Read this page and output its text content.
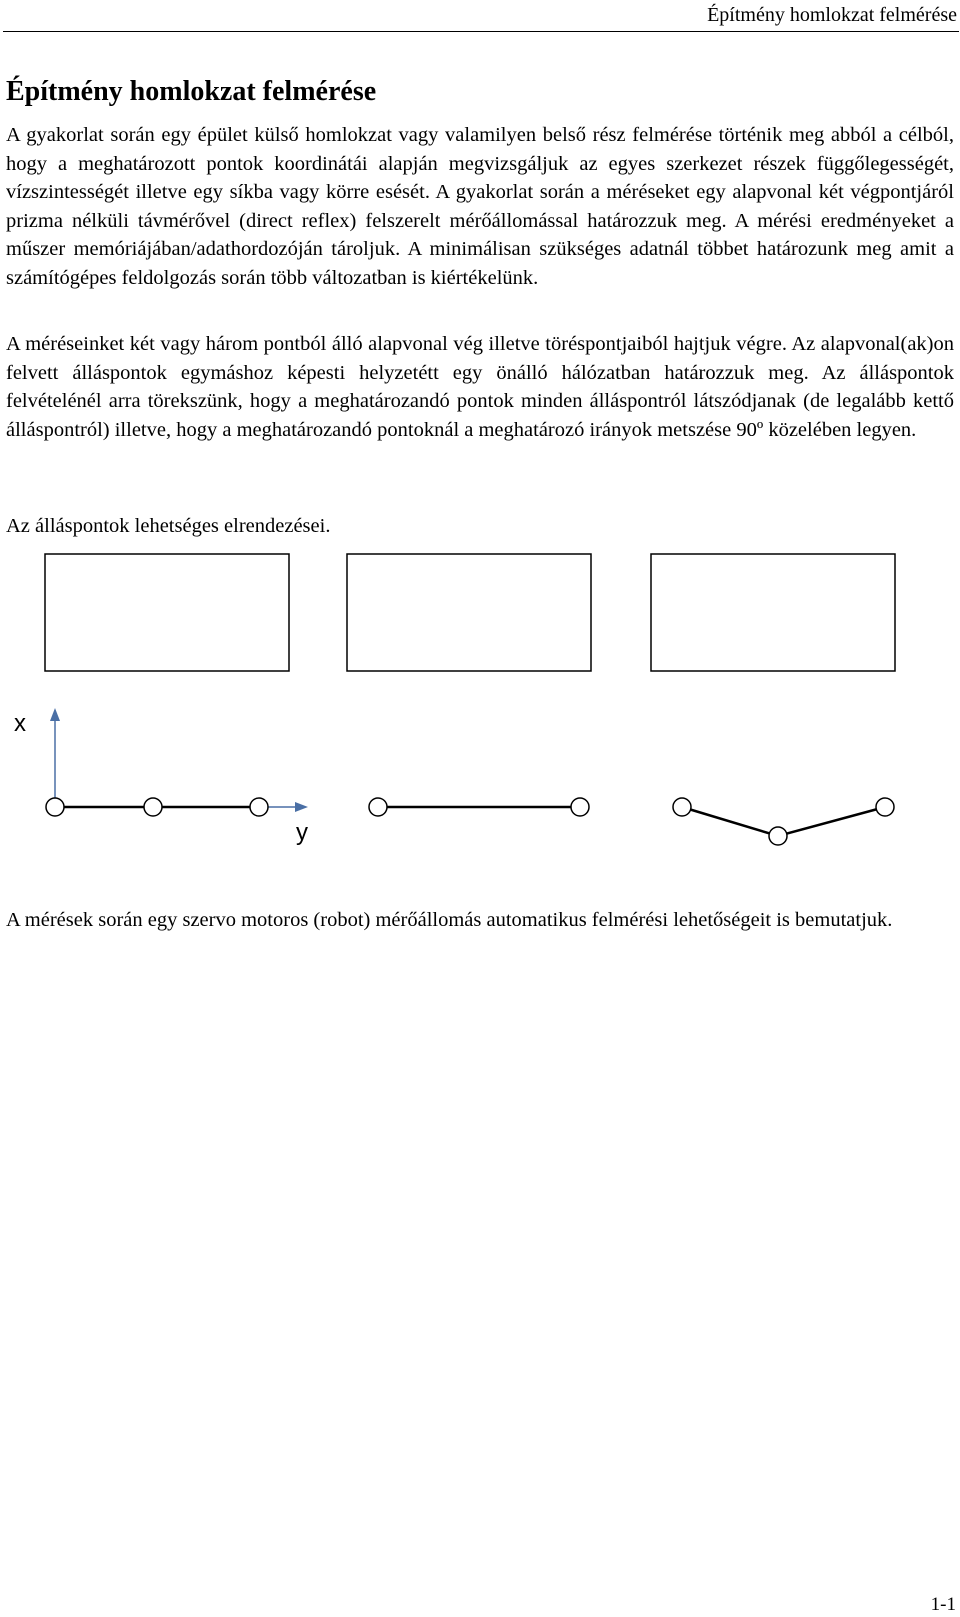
Építmény homlokzat felmérése
Építmény homlokzat felmérése

A gyakorlat során egy épület külső homlokzat vagy valamilyen belső rész felmérése történik meg abból a célból, hogy a meghatározott pontok koordinátái alapján megvizsgáljuk az egyes szerkezet részek függőlegességét, vízszintességét illetve egy síkba vagy körre esését. A gyakorlat során a méréseket egy alapvonal két végpontjáról prizma nélküli távmérővel (direct reflex) felszerelt mérőállomással határozzuk meg. A mérési eredményeket a műszer memóriájában/adathordozóján tároljuk. A minimálisan szükséges adatnál többet határozunk meg amit a számítógépes feldolgozás során több változatban is kiértékelünk.

A méréseinket két vagy három pontból álló alapvonal vég illetve töréspontjaiból hajtjuk végre. Az alapvonal(ak)on felvett álláspontok egymáshoz képesti helyzetétt egy önálló hálózatban határozzuk meg. Az álláspontok felvételénél arra törekszünk, hogy a meghatározandó pontok minden álláspontról látszódjanak (de legalább kettő álláspontról) illetve, hogy a meghatározandó pontoknál a meghatározó irányok metszése 90º közelében legyen.

Az álláspontok lehetséges elrendezései.

x
y

A mérések során egy szervo motoros (robot) mérőállomás automatikus felmérési lehetőségeit is bemutatjuk.

1-1
